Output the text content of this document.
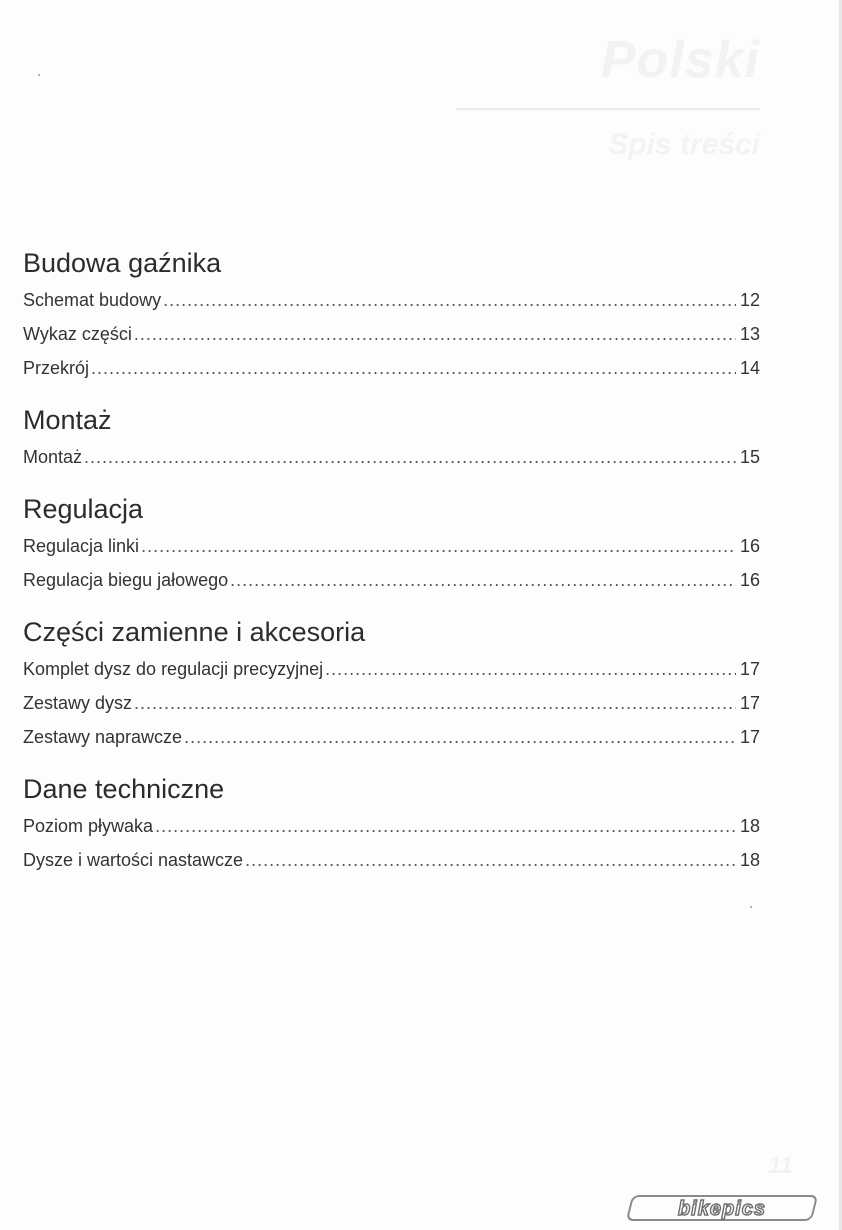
Polski
Spis treści
Budowa gaźnika
Schemat budowy .....	12
Wykaz części .....	13
Przekrój .....	14
Montaż
Montaż .....	15
Regulacja
Regulacja linki .....	16
Regulacja biegu jałowego .....	16
Części zamienne i akcesoria
Komplet dysz do regulacji precyzyjnej .....	17
Zestawy dysz .....	17
Zestawy naprawcze .....	17
Dane techniczne
Poziom pływaka .....	18
Dysze i wartości nastawcze .....	18
11
bikepics
